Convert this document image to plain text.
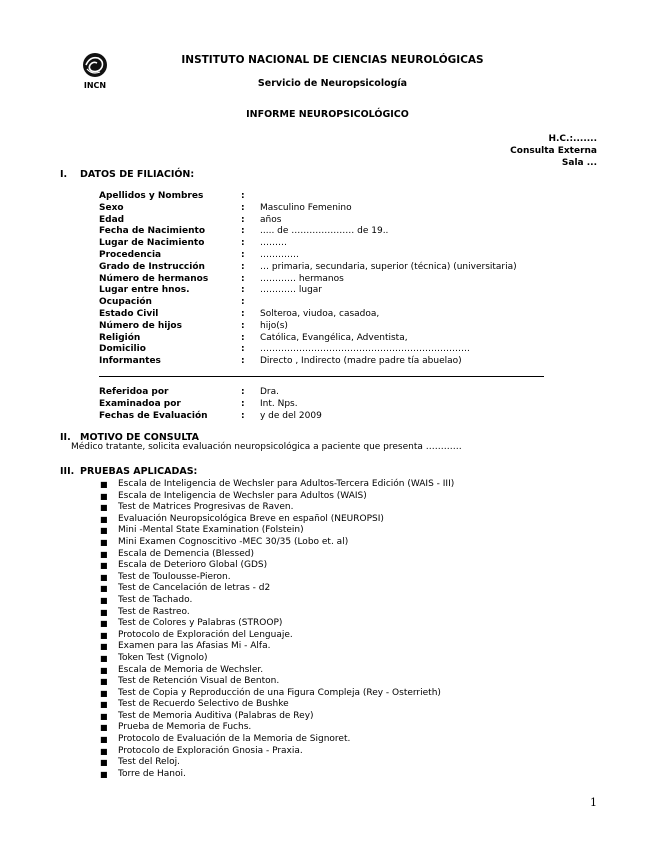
INCN
INSTITUTO NACIONAL DE CIENCIAS NEUROLÓGICAS
Servicio de Neuropsicología
INFORME NEUROPSICOLÓGICO
H.C.:.......
Consulta Externa
Sala ...
I. DATOS DE FILIACIÓN:
Apellidos y Nombres	:
Sexo	:	Masculino Femenino
Edad	:	años
Fecha de Nacimiento	:	..... de ………………… de 19..
Lugar de Nacimiento	:	………
Procedencia	:	………….
Grado de Instrucción	:	… primaria, secundaria, superior (técnica) (universitaria)
Número de hermanos	:	………… hermanos
Lugar entre hnos.	:	………… lugar
Ocupación	:
Estado Civil	:	Solteroa, viudoa, casadoa,
Número de hijos	:	hijo(s)
Religión	:	Católica, Evangélica, Adventista,
Domicilio	:	…………………………………………………………….
Informantes	:	Directo , Indirecto (madre padre tía abuelao)
Referidoa por	:	Dra.
Examinadoa por	:	Int. Nps.
Fechas de Evaluación	:	y de del 2009
II. MOTIVO DE CONSULTA
Médico tratante, solicita evaluación neuropsicológica a paciente que presenta …………
III. PRUEBAS APLICADAS:
■ Escala de Inteligencia de Wechsler para Adultos-Tercera Edición (WAIS - III)
■ Escala de Inteligencia de Wechsler para Adultos (WAIS)
■ Test de Matrices Progresivas de Raven.
■ Evaluación Neuropsicológica Breve en español (NEUROPSI)
■ Mini -Mental State Examination (Folstein)
■ Mini Examen Cognoscitivo -MEC 30/35 (Lobo et. al)
■ Escala de Demencia (Blessed)
■ Escala de Deterioro Global (GDS)
■ Test de Toulousse-Pieron.
■ Test de Cancelación de letras - d2
■ Test de Tachado.
■ Test de Rastreo.
■ Test de Colores y Palabras (STROOP)
■ Protocolo de Exploración del Lenguaje.
■ Examen para las Afasias Mi - Alfa.
■ Token Test (Vignolo)
■ Escala de Memoria de Wechsler.
■ Test de Retención Visual de Benton.
■ Test de Copia y Reproducción de una Figura Compleja (Rey - Osterrieth)
■ Test de Recuerdo Selectivo de Bushke
■ Test de Memoria Auditiva (Palabras de Rey)
■ Prueba de Memoria de Fuchs.
■ Protocolo de Evaluación de la Memoria de Signoret.
■ Protocolo de Exploración Gnosia - Praxia.
■ Test del Reloj.
■ Torre de Hanoi.
1
